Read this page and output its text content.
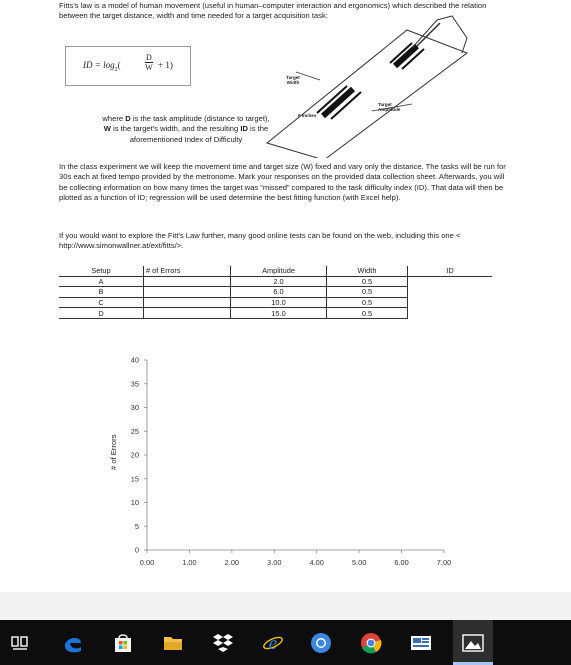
Fitts's law is a model of human movement (useful in human–computer interaction and ergonomics) which described the relation between the target distance, width and time needed for a target acquisition task:

ID = $\log_2$(	$\frac{D}{W} + 1$)
Target Width
6 Inches
Target Amplitude
where D is the task amplitude (distance to target),
W is the target's width, and the resulting ID is the
aforementioned Index of Difficulty

In the class experiment we will keep the movement time and target size (W) fixed and vary only the distance. The tasks will be run for 30s each at fixed tempo provided by the metronome. Mark your responses on the provided data collection sheet. Afterwards, you will be collecting information on how many times the target was “missed” compared to the task difficulty index (ID). That data will then be plotted as a function of ID; regression will be used determine the best fitting function (with Excel help).

If you would want to explore the Fitt's Law further, many good online tests can be found on the web, including this one < http://www.simonwallner.at/ext/fitts/>.

Setup	# of Errors	Amplitude	Width	ID
A		2.0	0.5	
B		6.0	0.5	
C		10.0	0.5	
D		15.0	0.5	
# of Errors
0
5
10
15
20
25
30
35
40
0.00	1.00	2.00	3.00	4.00	5.00	6.00	7.00
e
